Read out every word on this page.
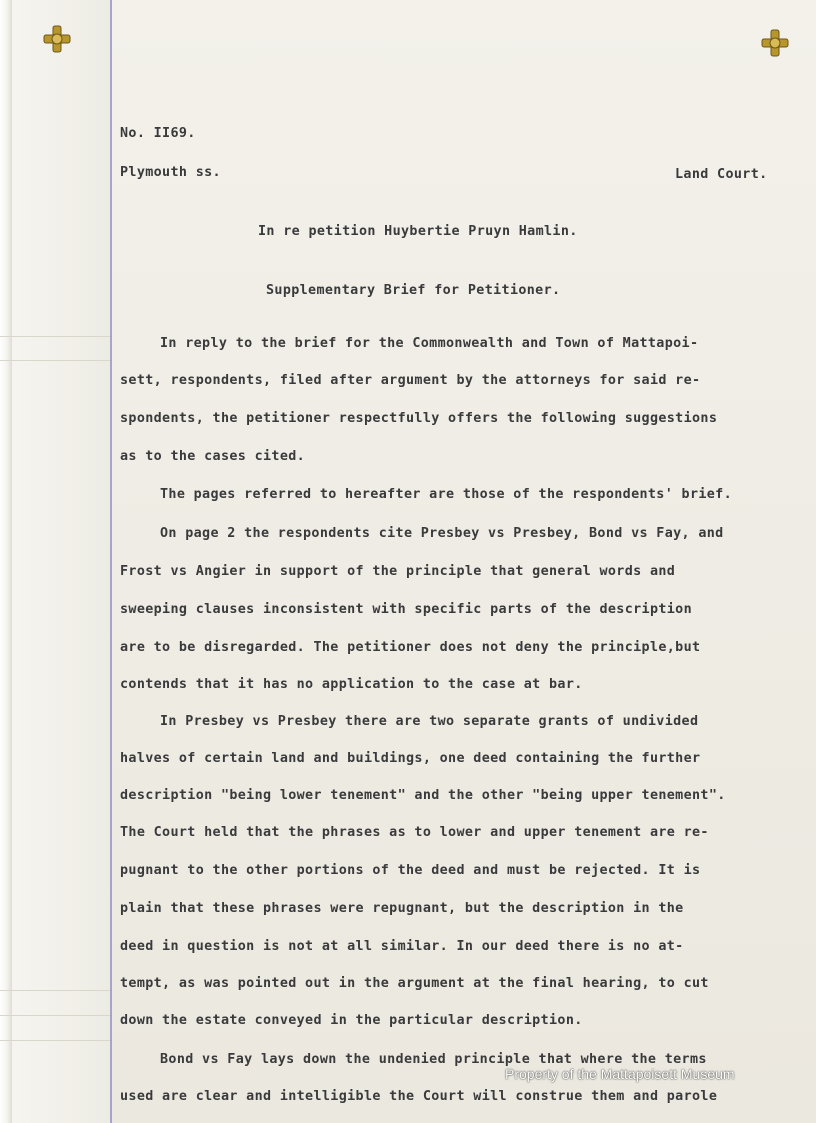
No. II69.
Plymouth ss.	Land Court.
In re petition Huybertie Pruyn Hamlin.
Supplementary Brief for Petitioner.
In reply to the brief for the Commonwealth and Town of Mattapoi-
sett, respondents, filed after argument by the attorneys for said re-
spondents, the petitioner respectfully offers the following suggestions
as to the cases cited.
The pages referred to hereafter are those of the respondents' brief.
On page 2 the respondents cite Presbey vs Presbey, Bond vs Fay, and
Frost vs Angier in support of the principle that general words and
sweeping clauses inconsistent with specific parts of the description
are to be disregarded. The petitioner does not deny the principle,but
contends that it has no application to the case at bar.
In Presbey vs Presbey there are two separate grants of undivided
halves of certain land and buildings, one deed containing the further
description "being lower tenement" and the other "being upper tenement".
The Court held that the phrases as to lower and upper tenement are re-
pugnant to the other portions of the deed and must be rejected. It is
plain that these phrases were repugnant, but the description in the
deed in question is not at all similar. In our deed there is no at-
tempt, as was pointed out in the argument at the final hearing, to cut
down the estate conveyed in the particular description.
Bond vs Fay lays down the undenied principle that where the terms
used are clear and intelligible the Court will construe them and parole
Property of the Mattapoisett Museum
